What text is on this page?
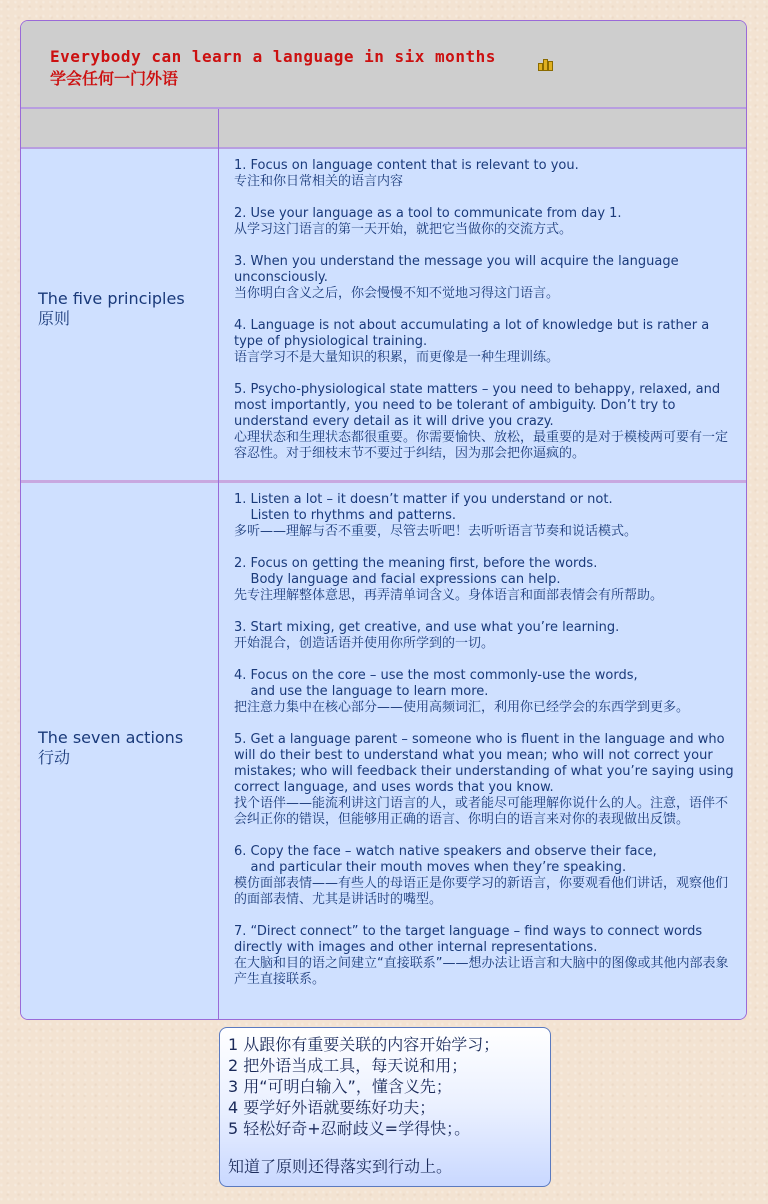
Everybody can learn a language in six months
学会任何一门外语
The five principles
原则
1. Focus on language content that is relevant to you.
专注和你日常相关的语言内容
2. Use your language as a tool to communicate from day 1.
从学习这门语言的第一天开始，就把它当做你的交流方式。
3. When you understand the message you will acquire the language unconsciously.
当你明白含义之后，你会慢慢不知不觉地习得这门语言。
4. Language is not about accumulating a lot of knowledge but is rather a type of physiological training.
语言学习不是大量知识的积累，而更像是一种生理训练。
5. Psycho-physiological state matters – you need to behappy, relaxed, and most importantly, you need to be tolerant of ambiguity. Don’t try to understand every detail as it will drive you crazy.
心理状态和生理状态都很重要。你需要愉快、放松，最重要的是对于模棱两可要有一定容忍性。对于细枝末节不要过于纠结，因为那会把你逼疯的。
The seven actions
行动
1. Listen a lot – it doesn’t matter if you understand or not.
Listen to rhythms and patterns.
多听——理解与否不重要，尽管去听吧！去听听语言节奏和说话模式。
2. Focus on getting the meaning first, before the words.
Body language and facial expressions can help.
先专注理解整体意思，再弄清单词含义。身体语言和面部表情会有所帮助。
3. Start mixing, get creative, and use what you’re learning.
开始混合，创造话语并使用你所学到的一切。
4. Focus on the core – use the most commonly-use the words,
and use the language to learn more.
把注意力集中在核心部分——使用高频词汇，利用你已经学会的东西学到更多。
5. Get a language parent – someone who is fluent in the language and who will do their best to understand what you mean; who will not correct your mistakes; who will feedback their understanding of what you’re saying using correct language, and uses words that you know.
找个语伴——能流利讲这门语言的人，或者能尽可能理解你说什么的人。注意，语伴不会纠正你的错误，但能够用正确的语言、你明白的语言来对你的表现做出反馈。
6. Copy the face – watch native speakers and observe their face,
and particular their mouth moves when they’re speaking.
模仿面部表情——有些人的母语正是你要学习的新语言，你要观看他们讲话，观察他们的面部表情、尤其是讲话时的嘴型。
7. “Direct connect” to the target language – find ways to connect words directly with images and other internal representations.
在大脑和目的语之间建立“直接联系”——想办法让语言和大脑中的图像或其他内部表象产生直接联系。
1 从跟你有重要关联的内容开始学习；
2 把外语当成工具，每天说和用；
3 用“可明白输入”，懂含义先；
4 要学好外语就要练好功夫；
5 轻松好奇+忍耐歧义=学得快；。
知道了原则还得落实到行动上。
